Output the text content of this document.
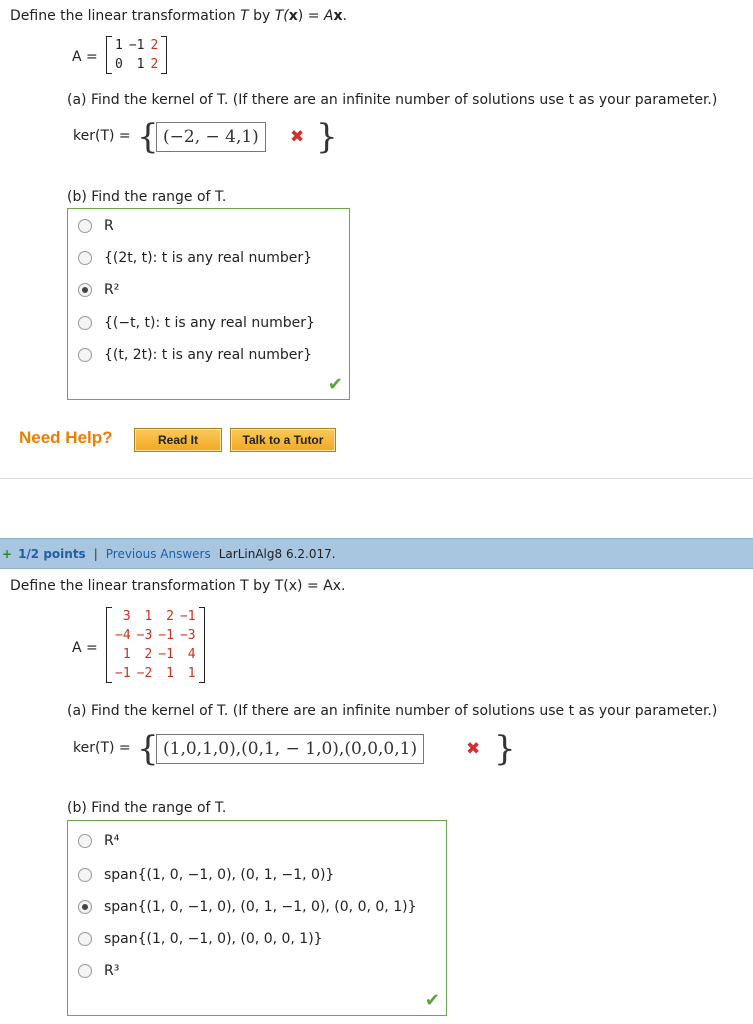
Define the linear transformation T by T(x) = Ax.
A =
1	−1	2
0	1	2
(a) Find the kernel of T. (If there are an infinite number of solutions use t as your parameter.)
ker(T) = { (−2, − 4,1) ✖ }
(b) Find the range of T.
✔
R
{(2t, t): t is any real number}
R²
{(−t, t): t is any real number}
{(t, 2t): t is any real number}
Need Help?	Read It	Talk to a Tutor
+ 1/2 points | Previous Answers LarLinAlg8 6.2.017.
Define the linear transformation T by T(x) = Ax.
A =
3	1	2	−1
−4	−3	−1	−3
1	2	−1	4
−1	−2	1	1
(a) Find the kernel of T. (If there are an infinite number of solutions use t as your parameter.)
ker(T) = { (1,0,1,0),(0,1, − 1,0),(0,0,0,1)	✖ }
(b) Find the range of T.
✔
R⁴
span{(1, 0, −1, 0), (0, 1, −1, 0)}
span{(1, 0, −1, 0), (0, 1, −1, 0), (0, 0, 0, 1)}
span{(1, 0, −1, 0), (0, 0, 0, 1)}
R³
